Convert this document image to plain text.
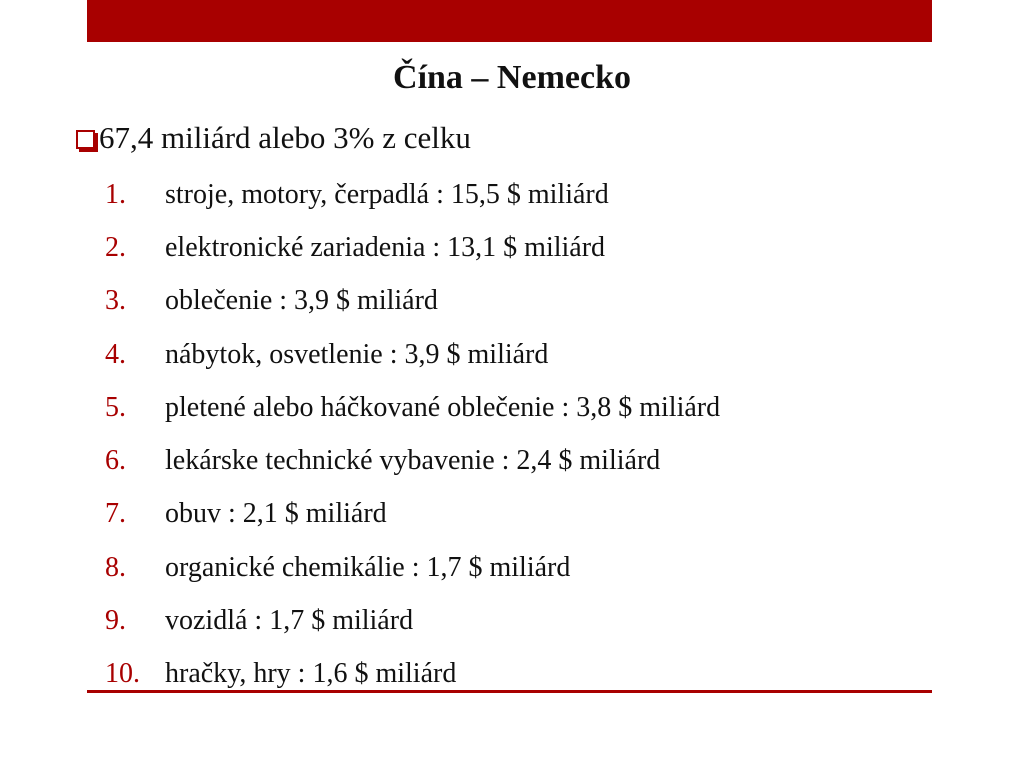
Čína – Nemecko
67,4 miliárd alebo 3% z celku
1.	stroje, motory, čerpadlá : 15,5 $ miliárd
2.	elektronické zariadenia : 13,1 $ miliárd
3.	oblečenie : 3,9 $ miliárd
4.	nábytok, osvetlenie : 3,9 $ miliárd
5.	pletené alebo háčkované oblečenie : 3,8 $ miliárd
6.	lekárske technické vybavenie : 2,4 $ miliárd
7.	obuv : 2,1 $ miliárd
8.	organické chemikálie : 1,7 $ miliárd
9.	vozidlá : 1,7 $ miliárd
10. hračky, hry : 1,6 $ miliárd
